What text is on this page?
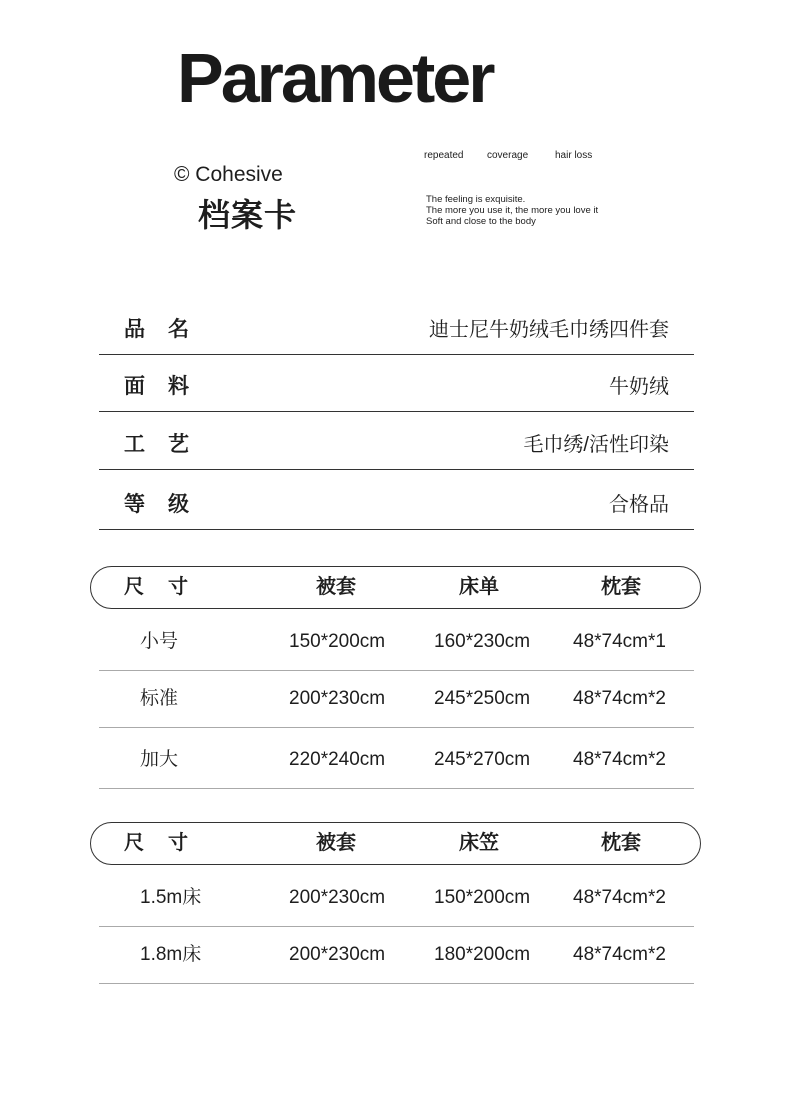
Parameter
© Cohesive
档案卡
repeated coverage	hair loss
The feeling is exquisite.
The more you use it, the more you love it
Soft and close to the body
品名	迪士尼牛奶绒毛巾绣四件套
面料	牛奶绒
工艺	毛巾绣/活性印染
等级	合格品
尺寸	被套	床单	枕套
小号	150*200cm	160*230cm 48*74cm*1
标准	200*230cm	245*250cm 48*74cm*2
加大	220*240cm	245*270cm 48*74cm*2
尺寸	被套	床笠	枕套
1.5m床	200*230cm	150*200cm 48*74cm*2
1.8m床	200*230cm	180*200cm 48*74cm*2
